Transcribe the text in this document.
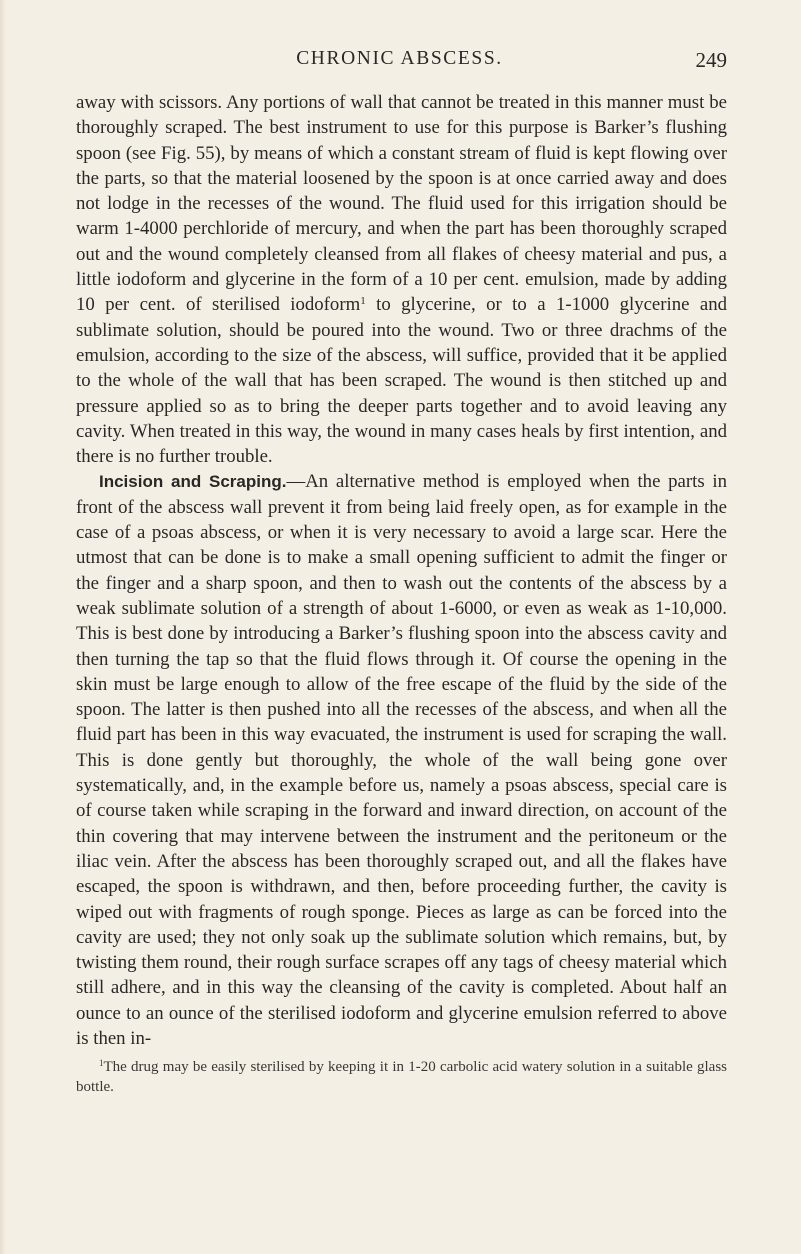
CHRONIC ABSCESS.	249

away with scissors. Any portions of wall that cannot be treated in this manner must be thoroughly scraped. The best instrument to use for this purpose is Barker’s flushing spoon (see Fig. 55), by means of which a constant stream of fluid is kept flowing over the parts, so that the material loosened by the spoon is at once carried away and does not lodge in the recesses of the wound. The fluid used for this irrigation should be warm 1-4000 perchloride of mercury, and when the part has been thoroughly scraped out and the wound completely cleansed from all flakes of cheesy material and pus, a little iodoform and glycerine in the form of a 10 per cent. emulsion, made by adding 10 per cent. of sterilised iodoform$^1$ to glycerine, or to a 1-1000 glycerine and sublimate solution, should be poured into the wound. Two or three drachms of the emulsion, according to the size of the abscess, will suffice, provided that it be applied to the whole of the wall that has been scraped. The wound is then stitched up and pressure applied so as to bring the deeper parts together and to avoid leaving any cavity. When treated in this way, the wound in many cases heals by first intention, and there is no further trouble.

Incision and Scraping.—An alternative method is employed when the parts in front of the abscess wall prevent it from being laid freely open, as for example in the case of a psoas abscess, or when it is very necessary to avoid a large scar. Here the utmost that can be done is to make a small opening sufficient to admit the finger or the finger and a sharp spoon, and then to wash out the contents of the abscess by a weak sublimate solution of a strength of about 1-6000, or even as weak as 1-10,000. This is best done by introducing a Barker’s flushing spoon into the abscess cavity and then turning the tap so that the fluid flows through it. Of course the opening in the skin must be large enough to allow of the free escape of the fluid by the side of the spoon. The latter is then pushed into all the recesses of the abscess, and when all the fluid part has been in this way evacuated, the instrument is used for scraping the wall. This is done gently but thoroughly, the whole of the wall being gone over systematically, and, in the example before us, namely a psoas abscess, special care is of course taken while scraping in the forward and inward direction, on account of the thin covering that may intervene between the instrument and the peritoneum or the iliac vein. After the abscess has been thoroughly scraped out, and all the flakes have escaped, the spoon is withdrawn, and then, before proceeding further, the cavity is wiped out with fragments of rough sponge. Pieces as large as can be forced into the cavity are used; they not only soak up the sublimate solution which remains, but, by twisting them round, their rough surface scrapes off any tags of cheesy material which still adhere, and in this way the cleansing of the cavity is completed. About half an ounce to an ounce of the sterilised iodoform and glycerine emulsion referred to above is then in-

$^1$The drug may be easily sterilised by keeping it in 1-20 carbolic acid watery solution in a suitable glass bottle.
